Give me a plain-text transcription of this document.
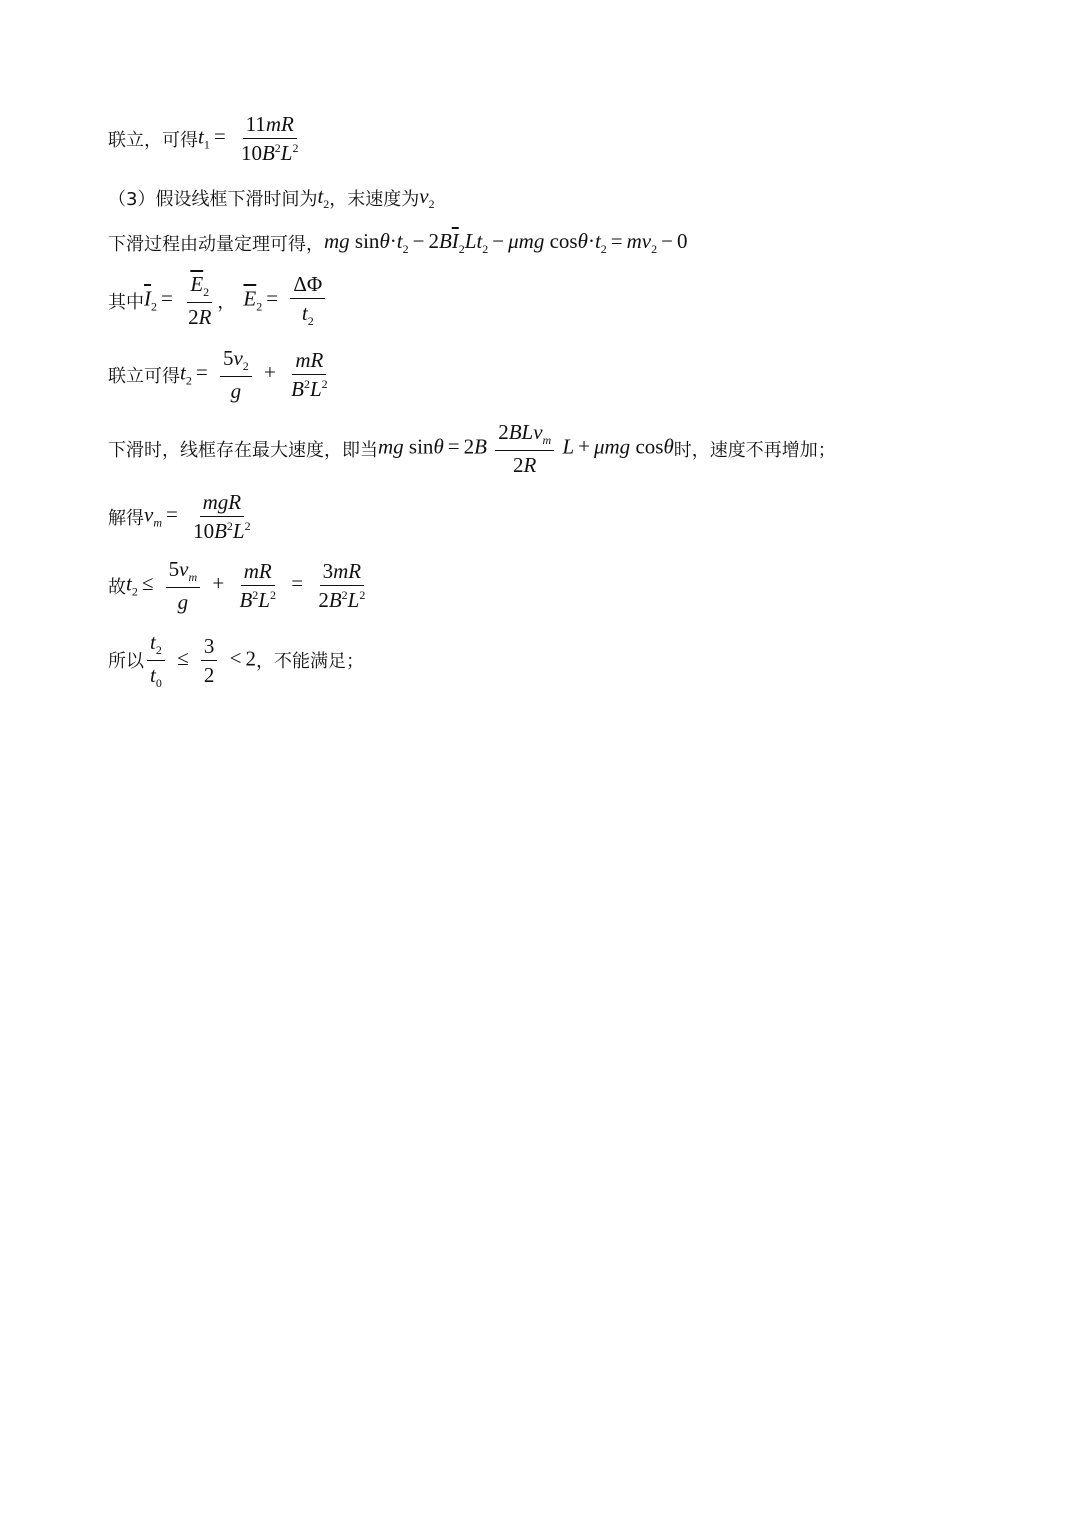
联立，可得 $t_1 = \frac{11mR}{10B^2L^2}$
（3）假设线框下滑时间为 $t_2$ ，末速度为 $v_2$
下滑过程由动量定理可得， mg $\sin\theta\cdot t_2 - 2B\overline{I}_2Lt_2 - \mu mg$ $\cos\theta\cdot t_2 = mv_2 - 0$
其中 $\overline{I}_2 = \frac{\overline{E}_2}{2R}$ ， $\overline{E}_2 = \frac{\Delta\Phi}{t_2}$
联立可得 $t_2 = \frac{5v_2}{g} + \frac{mR}{B^2L^2}$
下滑时，线框存在最大速度，即当 mg $\sin\theta = 2B \frac{2BLv_m}{2R}$ L + μmg cosθ 时，速度不再增加；
解得 $v_m = \frac{\text{mgR}}{10B^2L^2}$
故 $t_2 \le \frac{5v_m}{g} + \frac{mR}{B^2L^2} = \frac{3mR}{2B^2L^2}$
所以 $\frac{t_2}{t_0} \le \frac{3}{2} < 2$ ，不能满足；
